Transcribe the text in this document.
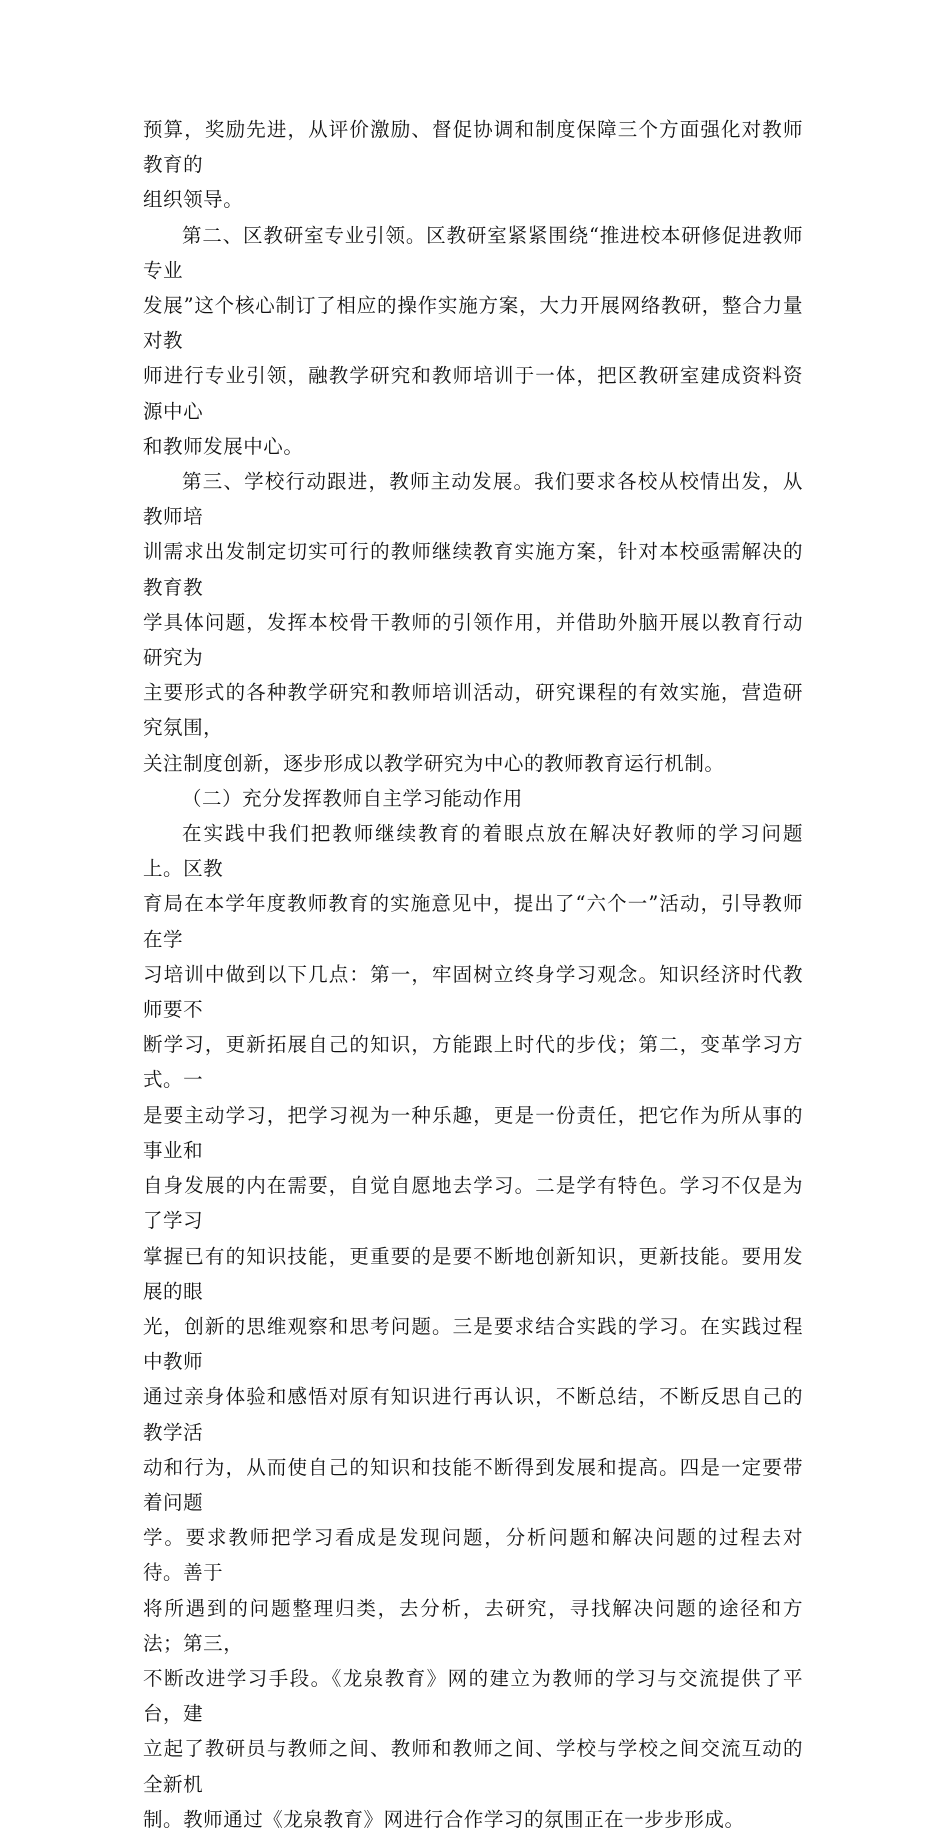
预算，奖励先进，从评价激励、督促协调和制度保障三个方面强化对教师教育的
组织领导。

第二、区教研室专业引领。区教研室紧紧围绕“推进校本研修促进教师专业
发展”这个核心制订了相应的操作实施方案，大力开展网络教研，整合力量对教
师进行专业引领，融教学研究和教师培训于一体，把区教研室建成资料资源中心
和教师发展中心。

第三、学校行动跟进，教师主动发展。我们要求各校从校情出发，从教师培
训需求出发制定切实可行的教师继续教育实施方案，针对本校亟需解决的教育教
学具体问题，发挥本校骨干教师的引领作用，并借助外脑开展以教育行动研究为
主要形式的各种教学研究和教师培训活动，研究课程的有效实施，营造研究氛围，
关注制度创新，逐步形成以教学研究为中心的教师教育运行机制。

（二）充分发挥教师自主学习能动作用

在实践中我们把教师继续教育的着眼点放在解决好教师的学习问题上。区教
育局在本学年度教师教育的实施意见中，提出了“六个一”活动，引导教师在学
习培训中做到以下几点：第一，牢固树立终身学习观念。知识经济时代教师要不
断学习，更新拓展自己的知识，方能跟上时代的步伐；第二，变革学习方式。一
是要主动学习，把学习视为一种乐趣，更是一份责任，把它作为所从事的事业和
自身发展的内在需要，自觉自愿地去学习。二是学有特色。学习不仅是为了学习
掌握已有的知识技能，更重要的是要不断地创新知识，更新技能。要用发展的眼
光，创新的思维观察和思考问题。三是要求结合实践的学习。在实践过程中教师
通过亲身体验和感悟对原有知识进行再认识，不断总结，不断反思自己的教学活
动和行为，从而使自己的知识和技能不断得到发展和提高。四是一定要带着问题
学。要求教师把学习看成是发现问题，分析问题和解决问题的过程去对待。善于
将所遇到的问题整理归类，去分析，去研究，寻找解决问题的途径和方法；第三，
不断改进学习手段。《龙泉教育》网的建立为教师的学习与交流提供了平台，建
立起了教研员与教师之间、教师和教师之间、学校与学校之间交流互动的全新机
制。教师通过《龙泉教育》网进行合作学习的氛围正在一步步形成。
